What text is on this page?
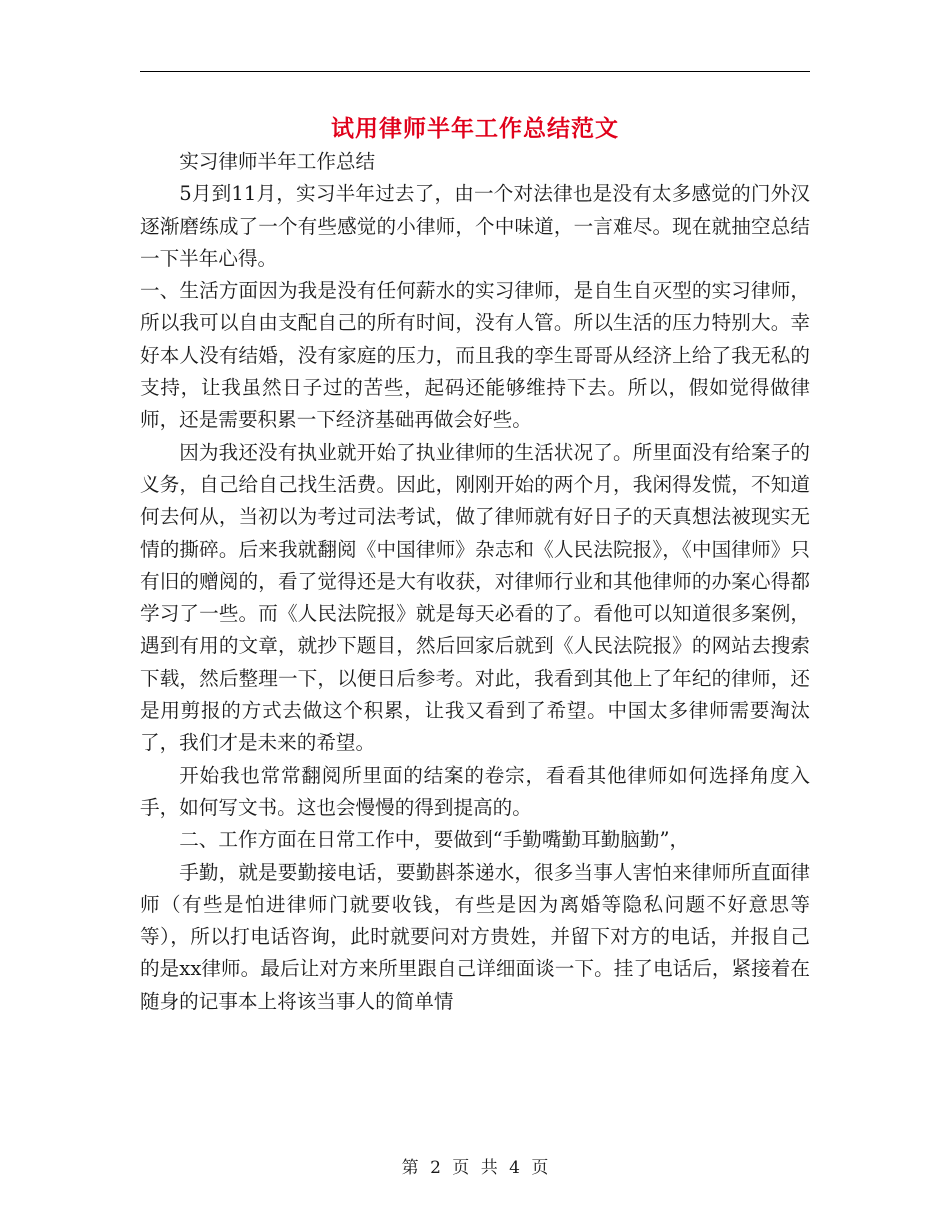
试用律师半年工作总结范文

实习律师半年工作总结

5月到11月，实习半年过去了，由一个对法律也是没有太多感觉的门外汉逐渐磨练成了一个有些感觉的小律师，个中味道，一言难尽。现在就抽空总结一下半年心得。

一、生活方面因为我是没有任何薪水的实习律师，是自生自灭型的实习律师，所以我可以自由支配自己的所有时间，没有人管。所以生活的压力特别大。幸好本人没有结婚，没有家庭的压力，而且我的孪生哥哥从经济上给了我无私的支持，让我虽然日子过的苦些，起码还能够维持下去。所以，假如觉得做律师，还是需要积累一下经济基础再做会好些。

因为我还没有执业就开始了执业律师的生活状况了。所里面没有给案子的义务，自己给自己找生活费。因此，刚刚开始的两个月，我闲得发慌，不知道何去何从，当初以为考过司法考试，做了律师就有好日子的天真想法被现实无情的撕碎。后来我就翻阅《中国律师》杂志和《人民法院报》，《中国律师》只有旧的赠阅的，看了觉得还是大有收获，对律师行业和其他律师的办案心得都学习了一些。而《人民法院报》就是每天必看的了。看他可以知道很多案例，遇到有用的文章，就抄下题目，然后回家后就到《人民法院报》的网站去搜索下载，然后整理一下，以便日后参考。对此，我看到其他上了年纪的律师，还是用剪报的方式去做这个积累，让我又看到了希望。中国太多律师需要淘汰了，我们才是未来的希望。

开始我也常常翻阅所里面的结案的卷宗，看看其他律师如何选择角度入手，如何写文书。这也会慢慢的得到提高的。

二、工作方面在日常工作中，要做到“手勤嘴勤耳勤脑勤”，

手勤，就是要勤接电话，要勤斟茶递水，很多当事人害怕来律师所直面律师（有些是怕进律师门就要收钱，有些是因为离婚等隐私问题不好意思等等），所以打电话咨询，此时就要问对方贵姓，并留下对方的电话，并报自己的是xx律师。最后让对方来所里跟自己详细面谈一下。挂了电话后，紧接着在随身的记事本上将该当事人的简单情

第 2 页 共 4 页
